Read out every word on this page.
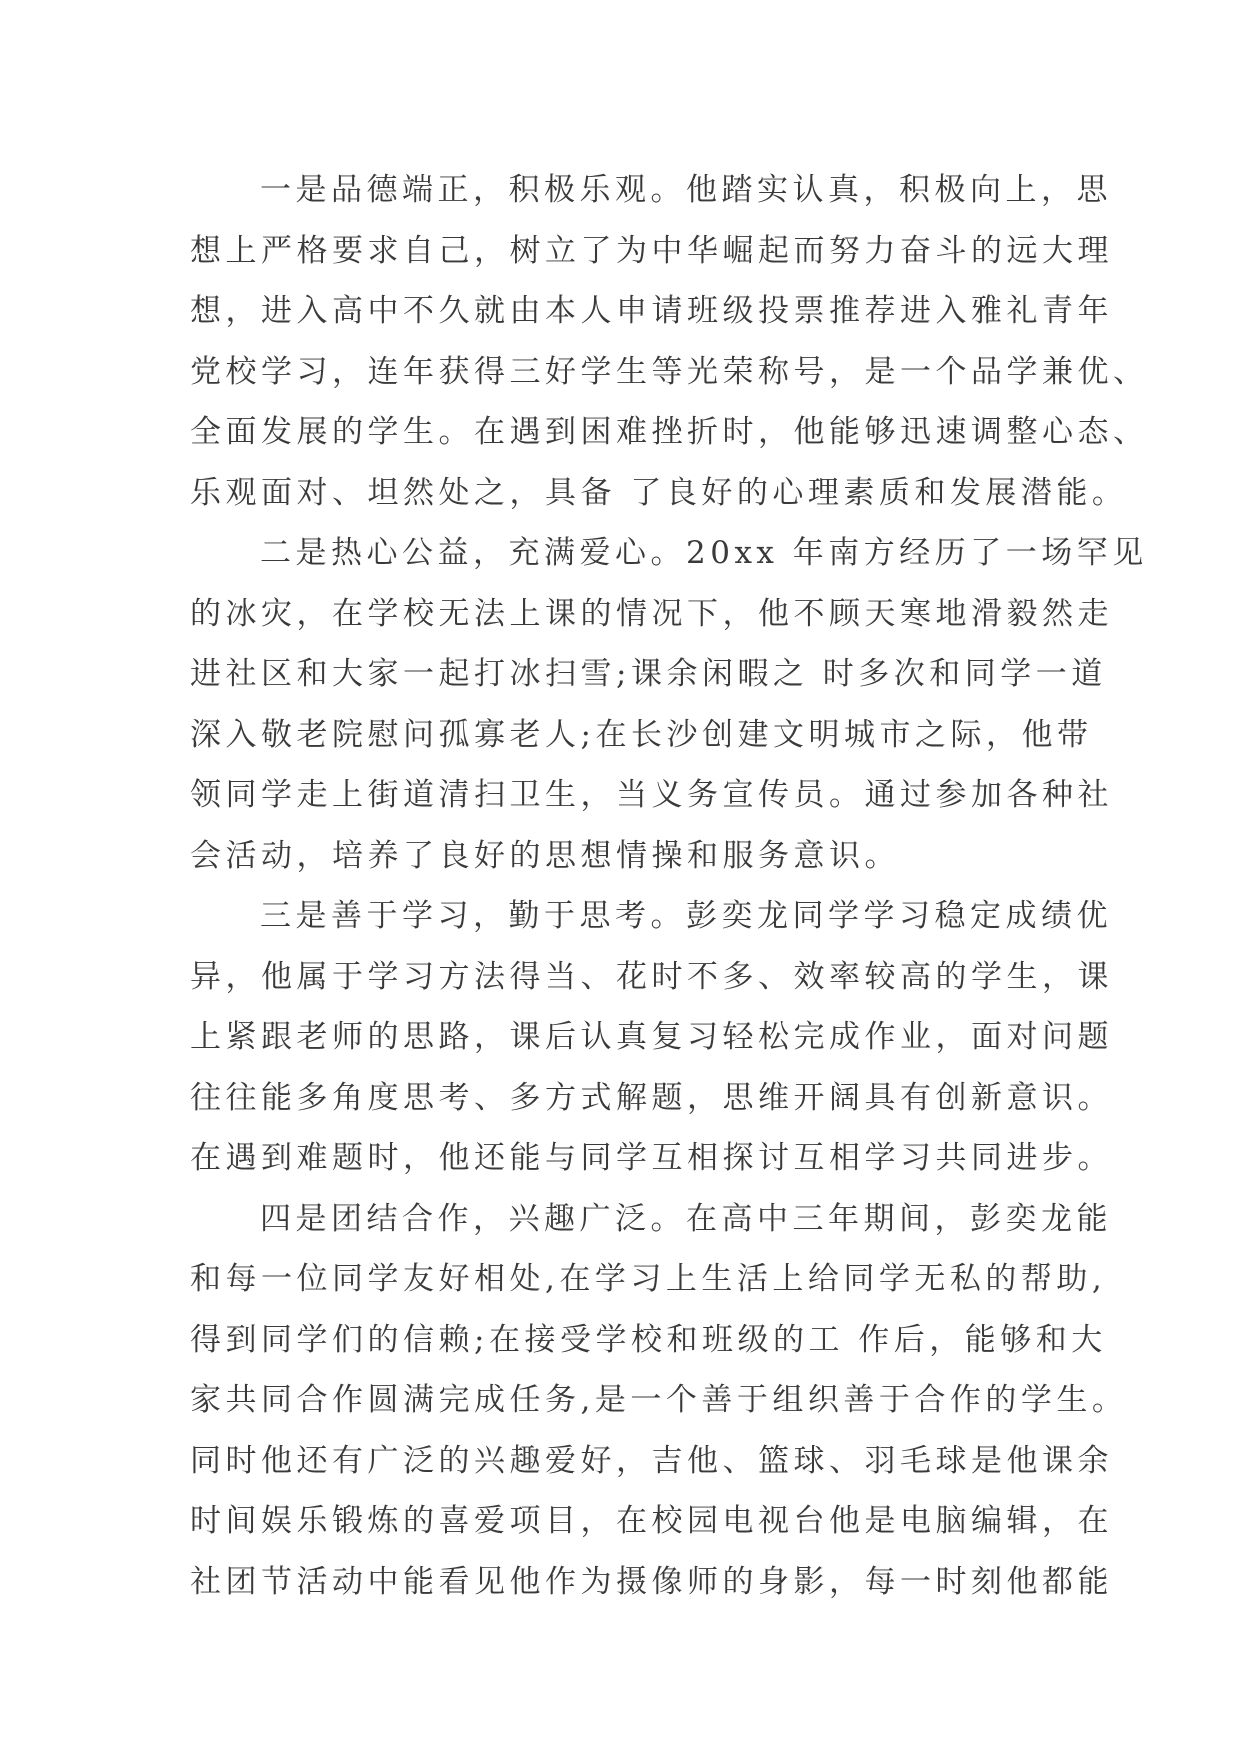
一是品德端正，积极乐观。他踏实认真，积极向上，思
想上严格要求自己，树立了为中华崛起而努力奋斗的远大理
想，进入高中不久就由本人申请班级投票推荐进入雅礼青年
党校学习，连年获得三好学生等光荣称号，是一个品学兼优、
全面发展的学生。在遇到困难挫折时，他能够迅速调整心态、
乐观面对、坦然处之，具备 了良好的心理素质和发展潜能。
二是热心公益，充满爱心。20xx 年南方经历了一场罕见
的冰灾，在学校无法上课的情况下，他不顾天寒地滑毅然走
进社区和大家一起打冰扫雪;课余闲暇之 时多次和同学一道
深入敬老院慰问孤寡老人;在长沙创建文明城市之际，他带
领同学走上街道清扫卫生，当义务宣传员。通过参加各种社
会活动，培养了良好的思想情操和服务意识。
三是善于学习，勤于思考。彭奕龙同学学习稳定成绩优
异，他属于学习方法得当、花时不多、效率较高的学生，课
上紧跟老师的思路，课后认真复习轻松完成作业，面对问题
往往能多角度思考、多方式解题，思维开阔具有创新意识。
在遇到难题时，他还能与同学互相探讨互相学习共同进步。
四是团结合作，兴趣广泛。在高中三年期间，彭奕龙能
和每一位同学友好相处,在学习上生活上给同学无私的帮助,
得到同学们的信赖;在接受学校和班级的工 作后，能够和大
家共同合作圆满完成任务,是一个善于组织善于合作的学生。
同时他还有广泛的兴趣爱好，吉他、篮球、羽毛球是他课余
时间娱乐锻炼的喜爱项目，在校园电视台他是电脑编辑，在
社团节活动中能看见他作为摄像师的身影，每一时刻他都能
